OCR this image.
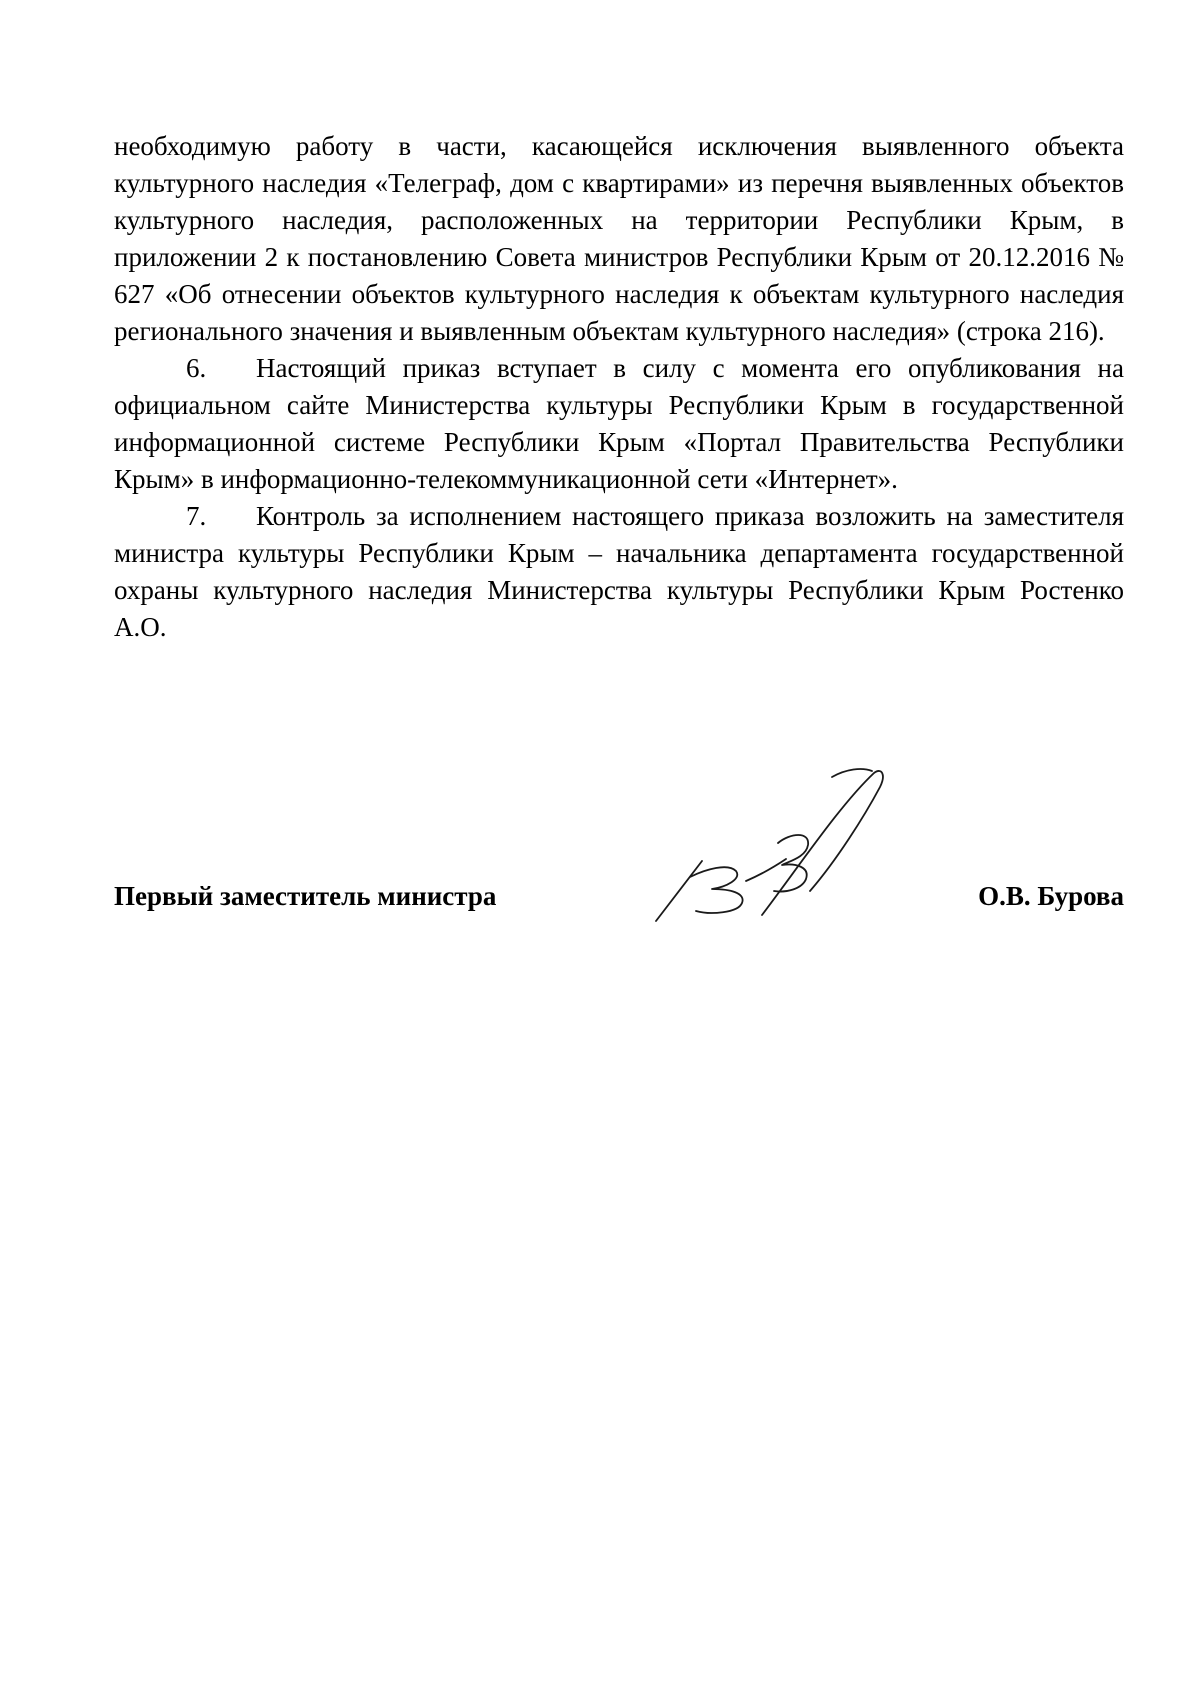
необходимую работу в части, касающейся исключения выявленного объекта культурного наследия «Телеграф, дом с квартирами» из перечня выявленных объектов культурного наследия, расположенных на территории Республики Крым, в приложении 2 к постановлению Совета министров Республики Крым от 20.12.2016 № 627 «Об отнесении объектов культурного наследия к объектам культурного наследия регионального значения и выявленным объектам культурного наследия» (строка 216).

6. Настоящий приказ вступает в силу с момента его опубликования на официальном сайте Министерства культуры Республики Крым в государственной информационной системе Республики Крым «Портал Правительства Республики Крым» в информационно-телекоммуникационной сети «Интернет».

7. Контроль за исполнением настоящего приказа возложить на заместителя министра культуры Республики Крым – начальника департамента государственной охраны культурного наследия Министерства культуры Республики Крым Ростенко А.О.

Первый заместитель министра	О.В. Бурова
